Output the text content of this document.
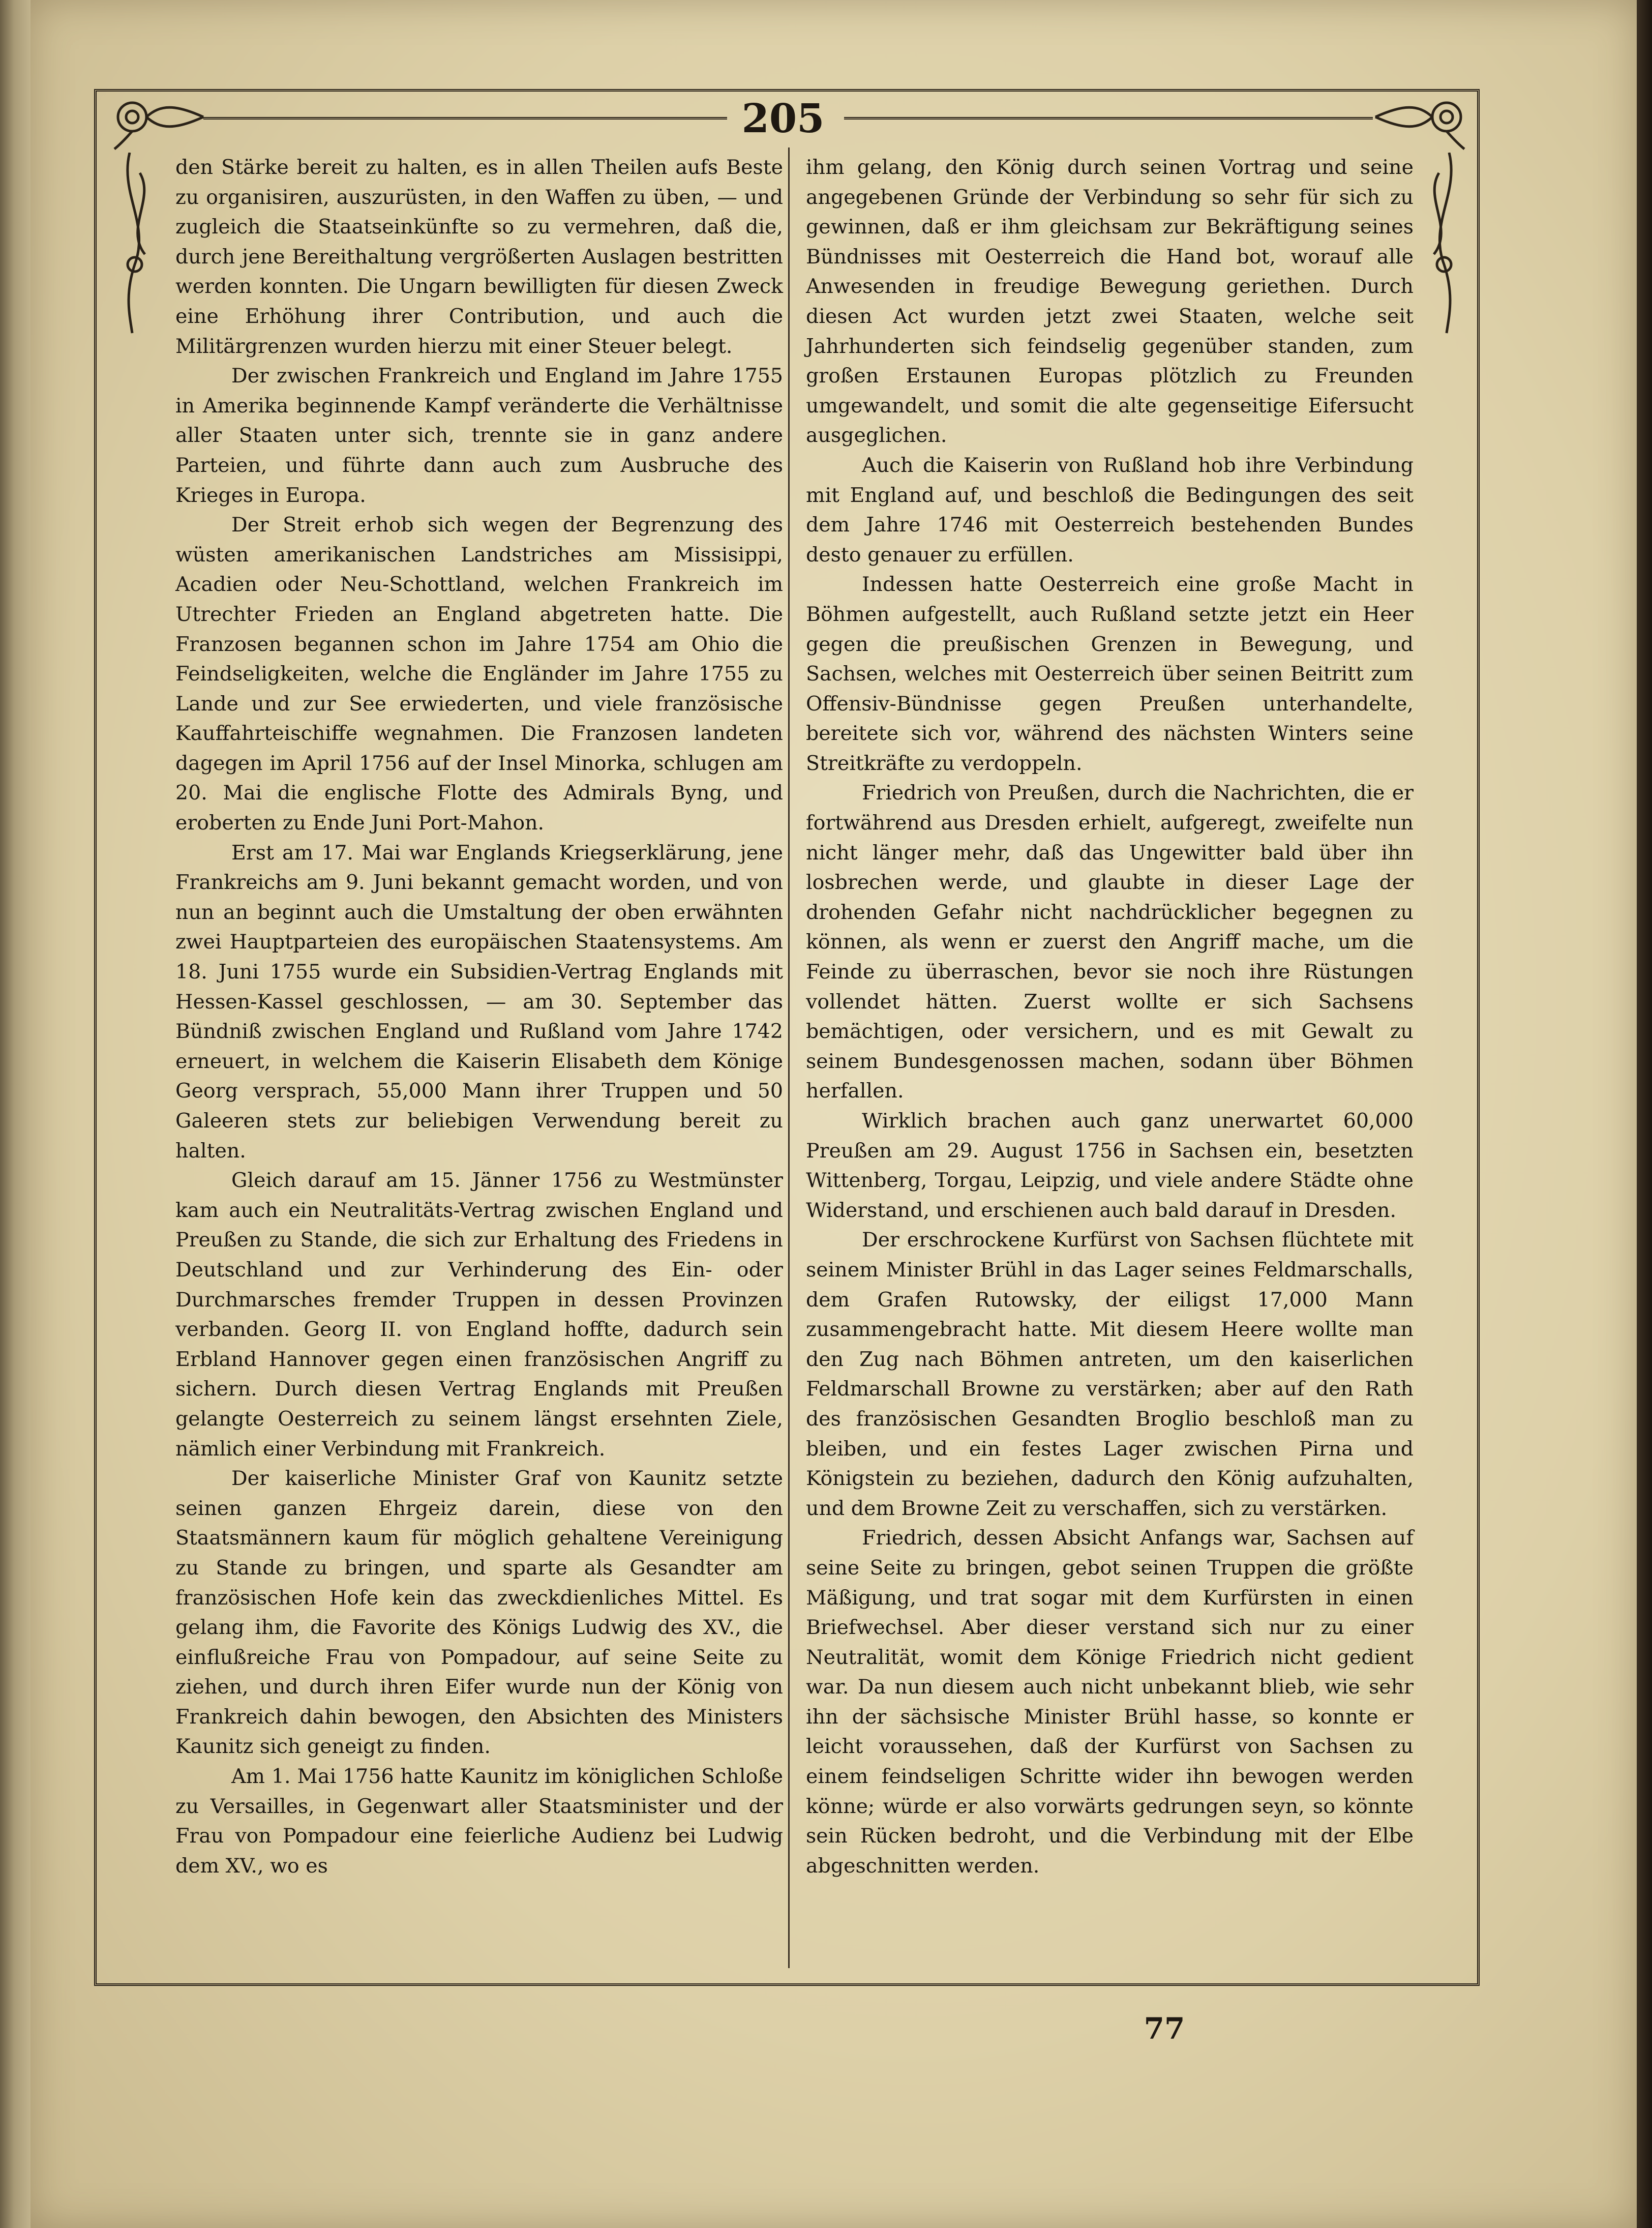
205

den Stärke bereit zu halten, es in allen Theilen aufs Beste zu organisiren, auszurüsten, in den Waffen zu üben, — und zugleich die Staatseinkünfte so zu vermehren, daß die, durch jene Bereithaltung vergrößerten Auslagen bestritten werden konnten. Die Ungarn bewilligten für diesen Zweck eine Erhöhung ihrer Contribution, und auch die Militärgrenzen wurden hierzu mit einer Steuer belegt.

Der zwischen Frankreich und England im Jahre 1755 in Amerika beginnende Kampf veränderte die Verhältnisse aller Staaten unter sich, trennte sie in ganz andere Parteien, und führte dann auch zum Ausbruche des Krieges in Europa.

Der Streit erhob sich wegen der Begrenzung des wüsten amerikanischen Landstriches am Missisippi, Acadien oder Neu-Schottland, welchen Frankreich im Utrechter Frieden an England abgetreten hatte. Die Franzosen begannen schon im Jahre 1754 am Ohio die Feindseligkeiten, welche die Engländer im Jahre 1755 zu Lande und zur See erwiederten, und viele französische Kauffahrteischiffe wegnahmen. Die Franzosen landeten dagegen im April 1756 auf der Insel Minorka, schlugen am 20. Mai die englische Flotte des Admirals Byng, und eroberten zu Ende Juni Port-Mahon.

Erst am 17. Mai war Englands Kriegserklärung, jene Frankreichs am 9. Juni bekannt gemacht worden, und von nun an beginnt auch die Umstaltung der oben erwähnten zwei Hauptparteien des europäischen Staatensystems. Am 18. Juni 1755 wurde ein Subsidien-Vertrag Englands mit Hessen-Kassel geschlossen, — am 30. September das Bündniß zwischen England und Rußland vom Jahre 1742 erneuert, in welchem die Kaiserin Elisabeth dem Könige Georg versprach, 55,000 Mann ihrer Truppen und 50 Galeeren stets zur beliebigen Verwendung bereit zu halten.

Gleich darauf am 15. Jänner 1756 zu Westmünster kam auch ein Neutralitäts-Vertrag zwischen England und Preußen zu Stande, die sich zur Erhaltung des Friedens in Deutschland und zur Verhinderung des Ein- oder Durchmarsches fremder Truppen in dessen Provinzen verbanden. Georg II. von England hoffte, dadurch sein Erbland Hannover gegen einen französischen Angriff zu sichern. Durch diesen Vertrag Englands mit Preußen gelangte Oesterreich zu seinem längst ersehnten Ziele, nämlich einer Verbindung mit Frankreich.

Der kaiserliche Minister Graf von Kaunitz setzte seinen ganzen Ehrgeiz darein, diese von den Staatsmännern kaum für möglich gehaltene Vereinigung zu Stande zu bringen, und sparte als Gesandter am französischen Hofe kein das zweckdienliches Mittel. Es gelang ihm, die Favorite des Königs Ludwig des XV., die einflußreiche Frau von Pompadour, auf seine Seite zu ziehen, und durch ihren Eifer wurde nun der König von Frankreich dahin bewogen, den Absichten des Ministers Kaunitz sich geneigt zu finden.

Am 1. Mai 1756 hatte Kaunitz im königlichen Schloße zu Versailles, in Gegenwart aller Staatsminister und der Frau von Pompadour eine feierliche Audienz bei Ludwig dem XV., wo es

ihm gelang, den König durch seinen Vortrag und seine angegebenen Gründe der Verbindung so sehr für sich zu gewinnen, daß er ihm gleichsam zur Bekräftigung seines Bündnisses mit Oesterreich die Hand bot, worauf alle Anwesenden in freudige Bewegung geriethen. Durch diesen Act wurden jetzt zwei Staaten, welche seit Jahrhunderten sich feindselig gegenüber standen, zum großen Erstaunen Europas plötzlich zu Freunden umgewandelt, und somit die alte gegenseitige Eifersucht ausgeglichen.

Auch die Kaiserin von Rußland hob ihre Verbindung mit England auf, und beschloß die Bedingungen des seit dem Jahre 1746 mit Oesterreich bestehenden Bundes desto genauer zu erfüllen.

Indessen hatte Oesterreich eine große Macht in Böhmen aufgestellt, auch Rußland setzte jetzt ein Heer gegen die preußischen Grenzen in Bewegung, und Sachsen, welches mit Oesterreich über seinen Beitritt zum Offensiv-Bündnisse gegen Preußen unterhandelte, bereitete sich vor, während des nächsten Winters seine Streitkräfte zu verdoppeln.

Friedrich von Preußen, durch die Nachrichten, die er fortwährend aus Dresden erhielt, aufgeregt, zweifelte nun nicht länger mehr, daß das Ungewitter bald über ihn losbrechen werde, und glaubte in dieser Lage der drohenden Gefahr nicht nachdrücklicher begegnen zu können, als wenn er zuerst den Angriff mache, um die Feinde zu überraschen, bevor sie noch ihre Rüstungen vollendet hätten. Zuerst wollte er sich Sachsens bemächtigen, oder versichern, und es mit Gewalt zu seinem Bundesgenossen machen, sodann über Böhmen herfallen.

Wirklich brachen auch ganz unerwartet 60,000 Preußen am 29. August 1756 in Sachsen ein, besetzten Wittenberg, Torgau, Leipzig, und viele andere Städte ohne Widerstand, und erschienen auch bald darauf in Dresden.

Der erschrockene Kurfürst von Sachsen flüchtete mit seinem Minister Brühl in das Lager seines Feldmarschalls, dem Grafen Rutowsky, der eiligst 17,000 Mann zusammengebracht hatte. Mit diesem Heere wollte man den Zug nach Böhmen antreten, um den kaiserlichen Feldmarschall Browne zu verstärken; aber auf den Rath des französischen Gesandten Broglio beschloß man zu bleiben, und ein festes Lager zwischen Pirna und Königstein zu beziehen, dadurch den König aufzuhalten, und dem Browne Zeit zu verschaffen, sich zu verstärken.

Friedrich, dessen Absicht Anfangs war, Sachsen auf seine Seite zu bringen, gebot seinen Truppen die größte Mäßigung, und trat sogar mit dem Kurfürsten in einen Briefwechsel. Aber dieser verstand sich nur zu einer Neutralität, womit dem Könige Friedrich nicht gedient war. Da nun diesem auch nicht unbekannt blieb, wie sehr ihn der sächsische Minister Brühl hasse, so konnte er leicht voraussehen, daß der Kurfürst von Sachsen zu einem feindseligen Schritte wider ihn bewogen werden könne; würde er also vorwärts gedrungen seyn, so könnte sein Rücken bedroht, und die Verbindung mit der Elbe abgeschnitten werden.

77
